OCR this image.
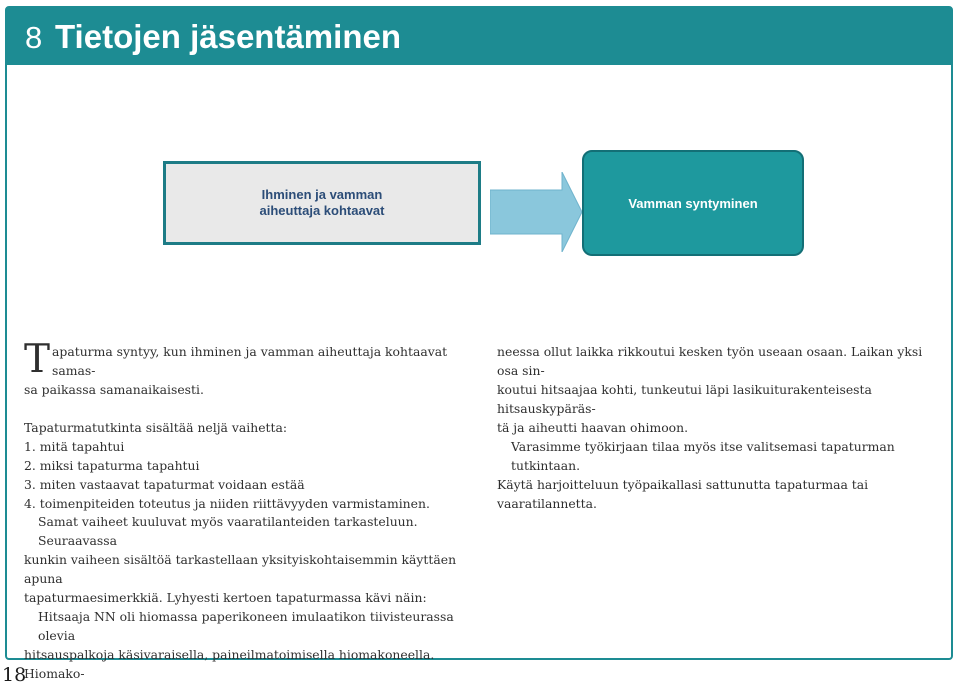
8 Tietojen jäsentäminen
Ihminen ja vamman
aiheuttaja kohtaavat	Vamman syntyminen

T apaturma syntyy, kun ihminen ja vamman aiheuttaja kohtaavat samas-
sa paikassa samanaikaisesti.

Tapaturmatutkinta sisältää neljä vaihetta:

1. mitä tapahtui

2. miksi tapaturma tapahtui

3. miten vastaavat tapaturmat voidaan estää

4. toimenpiteiden toteutus ja niiden riittävyyden varmistaminen.

Samat vaiheet kuuluvat myös vaaratilanteiden tarkasteluun. Seuraavassa

kunkin vaiheen sisältöä tarkastellaan yksityiskohtaisemmin käyttäen apuna

tapaturmaesimerkkiä. Lyhyesti kertoen tapaturmassa kävi näin:

Hitsaaja NN oli hiomassa paperikoneen imulaatikon tiivisteurassa olevia

hitsauspalkoja käsivaraisella, paineilmatoimisella hiomakoneella. Hiomako-

neessa ollut laikka rikkoutui kesken työn useaan osaan. Laikan yksi osa sin-

koutui hitsaajaa kohti, tunkeutui läpi lasikuiturakenteisesta hitsauskypäräs-

tä ja aiheutti haavan ohimoon.

Varasimme työkirjaan tilaa myös itse valitsemasi tapaturman tutkintaan.

Käytä harjoitteluun työpaikallasi sattunutta tapaturmaa tai vaaratilannetta.

18
